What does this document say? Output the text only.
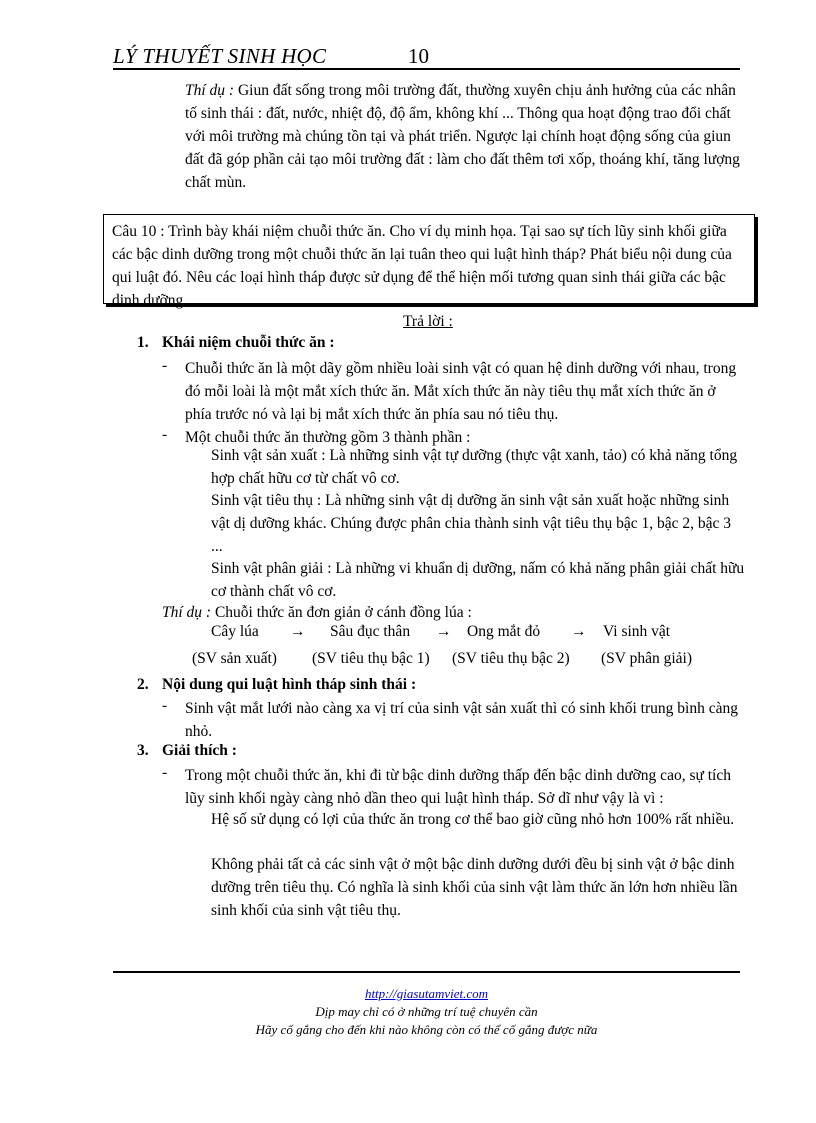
LÝ THUYẾT SINH HỌC	10

Thí dụ : Giun đất sống trong môi trường đất, thường xuyên chịu ảnh hưởng của các nhân tố sinh thái : đất, nước, nhiệt độ, độ ẩm, không khí ... Thông qua hoạt động trao đổi chất với môi trường mà chúng tồn tại và phát triển. Ngược lại chính hoạt động sống của giun đất đã góp phần cải tạo môi trường đất : làm cho đất thêm tơi xốp, thoáng khí, tăng lượng chất mùn.

Câu 10 : Trình bày khái niệm chuỗi thức ăn. Cho ví dụ minh họa. Tại sao sự tích lũy sinh khối giữa các bậc dinh dưỡng trong một chuỗi thức ăn lại tuân theo qui luật hình tháp? Phát biểu nội dung của qui luật đó. Nêu các loại hình tháp được sử dụng để thể hiện mối tương quan sinh thái giữa các bậc dinh dưỡng.
Trả lời :
1. Khái niệm chuỗi thức ăn :
- Chuỗi thức ăn là một dãy gồm nhiều loài sinh vật có quan hệ dinh dưỡng với nhau, trong đó mỗi loài là một mắt xích thức ăn. Mắt xích thức ăn này tiêu thụ mắt xích thức ăn ở phía trước nó và lại bị mắt xích thức ăn phía sau nó tiêu thụ.

- Một chuỗi thức ăn thường gồm 3 thành phần :

Sinh vật sản xuất : Là những sinh vật tự dưỡng (thực vật xanh, tảo) có khả năng tổng hợp chất hữu cơ từ chất vô cơ.

Sinh vật tiêu thụ : Là những sinh vật dị dưỡng ăn sinh vật sản xuất hoặc những sinh vật dị dưỡng khác. Chúng được phân chia thành sinh vật tiêu thụ bậc 1, bậc 2, bậc 3 ...

Sinh vật phân giải : Là những vi khuẩn dị dưỡng, nấm có khả năng phân giải chất hữu cơ thành chất vô cơ.

Thí dụ : Chuỗi thức ăn đơn giản ở cánh đồng lúa :

Cây lúa → Sâu đục thân → Ong mắt đỏ → Vi sinh vật
(SV sản xuất) (SV tiêu thụ bậc 1) (SV tiêu thụ bậc 2) (SV phân giải)
2. Nội dung qui luật hình tháp sinh thái :
- Sinh vật mắt lưới nào càng xa vị trí của sinh vật sản xuất thì có sinh khối trung bình càng nhỏ.

3. Giải thích :
- Trong một chuỗi thức ăn, khi đi từ bậc dinh dưỡng thấp đến bậc dinh dưỡng cao, sự tích lũy sinh khối ngày càng nhỏ dần theo qui luật hình tháp. Sở dĩ như vậy là vì :

Hệ số sử dụng có lợi của thức ăn trong cơ thể bao giờ cũng nhỏ hơn 100% rất nhiều.

Không phải tất cả các sinh vật ở một bậc dinh dưỡng dưới đều bị sinh vật ở bậc dinh dưỡng trên tiêu thụ. Có nghĩa là sinh khối của sinh vật làm thức ăn lớn hơn nhiều lần sinh khối của sinh vật tiêu thụ.

http://giasutamviet.com
Dịp may chỉ có ở những trí tuệ chuyên cần
Hãy cố gắng cho đến khi nào không còn có thể cố gắng được nữa
